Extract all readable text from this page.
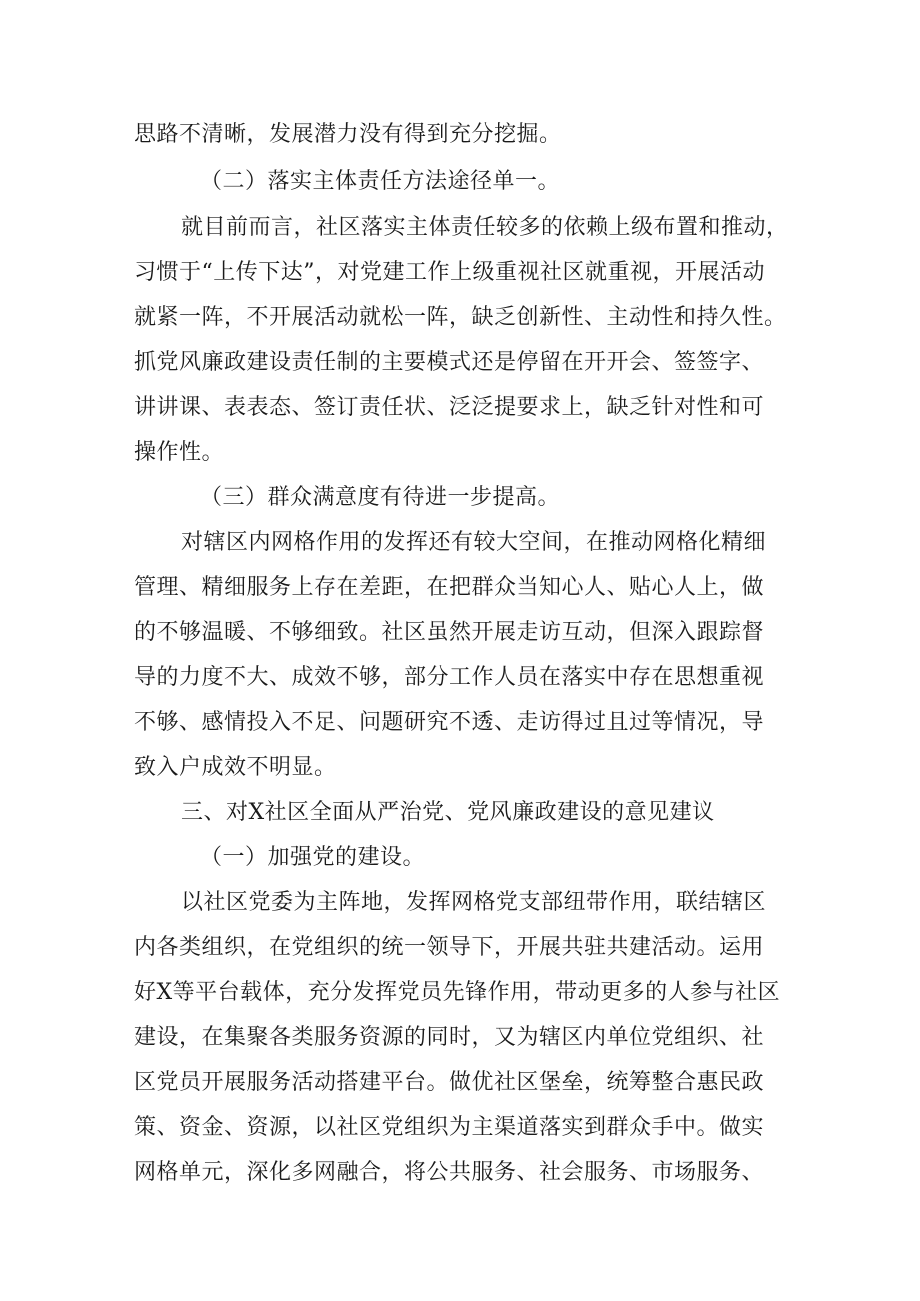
思路不清晰，发展潜力没有得到充分挖掘。
（二）落实主体责任方法途径单一。
就目前而言，社区落实主体责任较多的依赖上级布置和推动，
习惯于“上传下达”，对党建工作上级重视社区就重视，开展活动
就紧一阵，不开展活动就松一阵，缺乏创新性、主动性和持久性。
抓党风廉政建设责任制的主要模式还是停留在开开会、签签字、
讲讲课、表表态、签订责任状、泛泛提要求上，缺乏针对性和可
操作性。
（三）群众满意度有待进一步提高。
对辖区内网格作用的发挥还有较大空间，在推动网格化精细
管理、精细服务上存在差距，在把群众当知心人、贴心人上，做
的不够温暖、不够细致。社区虽然开展走访互动，但深入跟踪督
导的力度不大、成效不够，部分工作人员在落实中存在思想重视
不够、感情投入不足、问题研究不透、走访得过且过等情况，导
致入户成效不明显。
三、对X社区全面从严治党、党风廉政建设的意见建议
（一）加强党的建设。
以社区党委为主阵地，发挥网格党支部纽带作用，联结辖区
内各类组织，在党组织的统一领导下，开展共驻共建活动。运用
好X等平台载体，充分发挥党员先锋作用，带动更多的人参与社区
建设，在集聚各类服务资源的同时，又为辖区内单位党组织、社
区党员开展服务活动搭建平台。做优社区堡垒，统筹整合惠民政
策、资金、资源，以社区党组织为主渠道落实到群众手中。做实
网格单元，深化多网融合，将公共服务、社会服务、市场服务、
